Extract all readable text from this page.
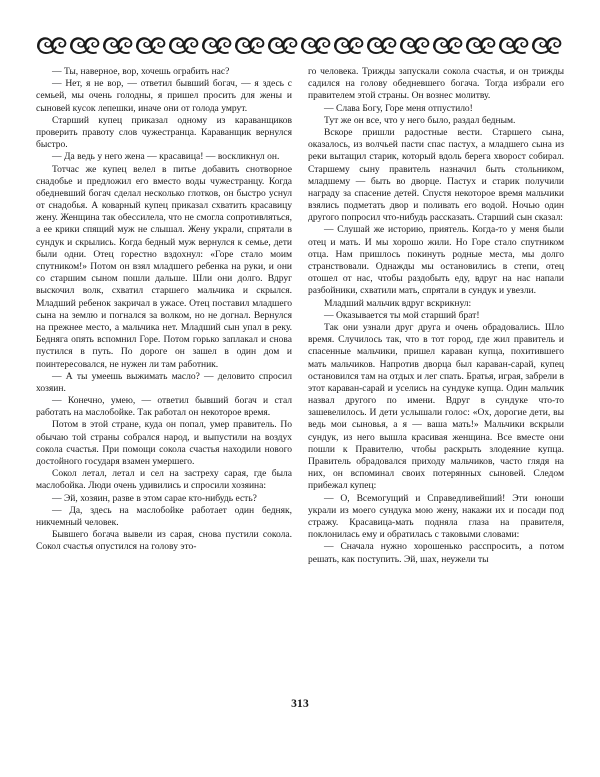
— Ты, наверное, вор, хочешь ограбить нас?

— Нет, я не вор, — ответил бывший богач, — я здесь с семьей, мы очень голодны, я пришел просить для жены и сыновей кусок лепешки, иначе они от голода умрут.

Старший купец приказал одному из караванщиков проверить правоту слов чужестранца. Караванщик вернулся быстро.

— Да ведь у него жена — красавица! — воскликнул он.

Тотчас же купец велел в питье добавить снотворное снадобье и предложил его вместо воды чужестранцу. Когда обедневший богач сделал несколько глотков, он быстро уснул от снадобья. А коварный купец приказал схватить красавицу жену. Женщина так обессилела, что не смогла сопротивляться, а ее крики спящий муж не слышал. Жену украли, спрятали в сундук и скрылись. Когда бедный муж вернулся к семье, дети были одни. Отец горестно вздохнул: «Горе стало моим спутником!» Потом он взял младшего ребенка на руки, и они со старшим сыном пошли дальше. Шли они долго. Вдруг выскочил волк, схватил старшего мальчика и скрылся. Младший ребенок закричал в ужасе. Отец поставил младшего сына на землю и погнался за волком, но не догнал. Вернулся на прежнее место, а мальчика нет. Младший сын упал в реку. Бедняга опять вспомнил Горе. Потом горько заплакал и снова пустился в путь. По дороге он зашел в один дом и поинтересовался, не нужен ли там работник.

— А ты умеешь выжимать масло? — деловито спросил хозяин.

— Конечно, умею, — ответил бывший богач и стал работать на маслобойке. Так работал он некоторое время.

Потом в этой стране, куда он попал, умер правитель. По обычаю той страны собрался народ, и выпустили на воздух сокола счастья. При помощи сокола счастья находили нового достойного государя взамен умершего.

Сокол летал, летал и сел на застреху сарая, где была маслобойка. Люди очень удивились и спросили хозяина:

— Эй, хозяин, разве в этом сарае кто-нибудь есть?

— Да, здесь на маслобойке работает один бедняк, никчемный человек.

Бывшего богача вывели из сарая, снова пустили сокола. Сокол счастья опустился на голову это-

го человека. Трижды запускали сокола счастья, и он трижды садился на голову обедневшего богача. Тогда избрали его правителем этой страны. Он вознес молитву.

— Слава Богу, Горе меня отпустило!

Тут же он все, что у него было, раздал бедным.

Вскоре пришли радостные вести. Старшего сына, оказалось, из волчьей пасти спас пастух, а младшего сына из реки вытащил старик, который вдоль берега хворост собирал. Старшему сыну правитель назначил быть стольником, младшему — быть во дворце. Пастух и старик получили награду за спасение детей. Спустя некоторое время мальчики взялись подметать двор и поливать его водой. Ночью один другого попросил что-нибудь рассказать. Старший сын сказал:

— Слушай же историю, приятель. Когда-то у меня были отец и мать. И мы хорошо жили. Но Горе стало спутником отца. Нам пришлось покинуть родные места, мы долго странствовали. Однажды мы остановились в степи, отец отошел от нас, чтобы раздобыть еду, вдруг на нас напали разбойники, схватили мать, спрятали в сундук и увезли.

Младший мальчик вдруг вскрикнул:

— Оказывается ты мой старший брат!

Так они узнали друг друга и очень обрадовались. Шло время. Случилось так, что в тот город, где жил правитель и спасенные мальчики, пришел караван купца, похитившего мать мальчиков. Напротив дворца был караван-сарай, купец остановился там на отдых и лег спать. Братья, играя, забрели в этот караван-сарай и уселись на сундуке купца. Один мальчик назвал другого по имени. Вдруг в сундуке что-то зашевелилось. И дети услышали голос: «Ох, дорогие дети, вы ведь мои сыновья, а я — ваша мать!» Мальчики вскрыли сундук, из него вышла красивая женщина. Все вместе они пошли к Правителю, чтобы раскрыть злодеяние купца. Правитель обрадовался приходу мальчиков, часто глядя на них, он вспоминал своих потерянных сыновей. Следом прибежал купец:

— О, Всемогущий и Справедливейший! Эти юноши украли из моего сундука мою жену, накажи их и посади под стражу. Красавица-мать подняла глаза на правителя, поклонилась ему и обратилась с таковыми словами:

— Сначала нужно хорошенько расспросить, а потом решать, как поступить. Эй, шах, неужели ты

313
